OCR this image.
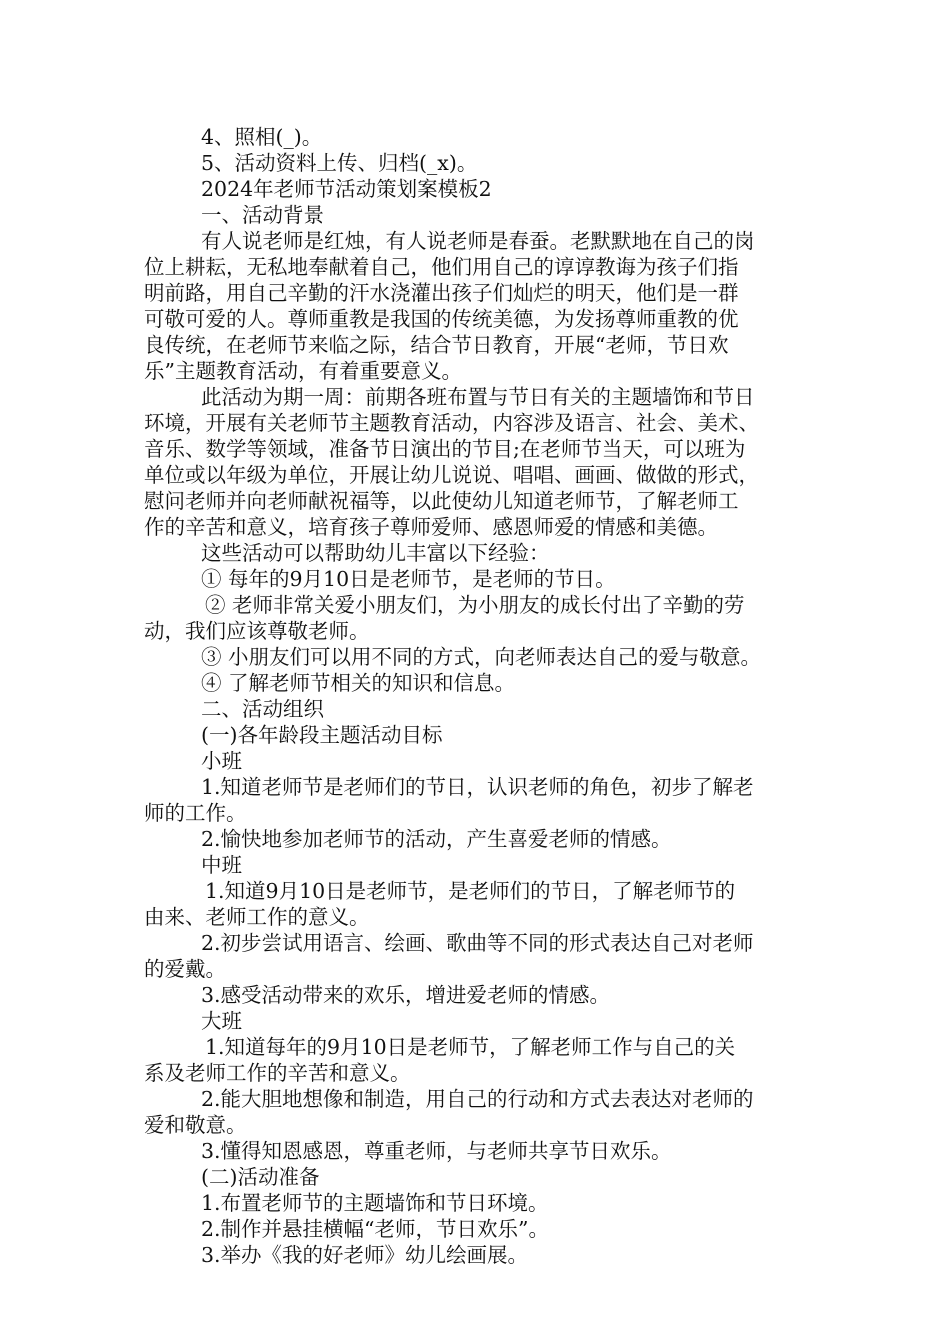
4、照相(_)。
5、活动资料上传、归档(_x)。
2024年老师节活动策划案模板2
一、活动背景
有人说老师是红烛，有人说老师是春蚕。老默默地在自己的岗
位上耕耘，无私地奉献着自己，他们用自己的谆谆教诲为孩子们指
明前路，用自己辛勤的汗水浇灌出孩子们灿烂的明天，他们是一群
可敬可爱的人。尊师重教是我国的传统美德，为发扬尊师重教的优
良传统，在老师节来临之际，结合节日教育，开展“老师，节日欢
乐”主题教育活动，有着重要意义。
此活动为期一周：前期各班布置与节日有关的主题墙饰和节日
环境，开展有关老师节主题教育活动，内容涉及语言、社会、美术、
音乐、数学等领域，准备节日演出的节目;在老师节当天，可以班为
单位或以年级为单位，开展让幼儿说说、唱唱、画画、做做的形式，
慰问老师并向老师献祝福等，以此使幼儿知道老师节，了解老师工
作的辛苦和意义，培育孩子尊师爱师、感恩师爱的情感和美德。
这些活动可以帮助幼儿丰富以下经验：
① 每年的9月10日是老师节，是老师的节日。
② 老师非常关爱小朋友们，为小朋友的成长付出了辛勤的劳
动，我们应该尊敬老师。
③ 小朋友们可以用不同的方式，向老师表达自己的爱与敬意。
④ 了解老师节相关的知识和信息。
二、活动组织
(一)各年龄段主题活动目标
小班
1.知道老师节是老师们的节日，认识老师的角色，初步了解老
师的工作。
2.愉快地参加老师节的活动，产生喜爱老师的情感。
中班
1.知道9月10日是老师节，是老师们的节日，了解老师节的
由来、老师工作的意义。
2.初步尝试用语言、绘画、歌曲等不同的形式表达自己对老师
的爱戴。
3.感受活动带来的欢乐，增进爱老师的情感。
大班
1.知道每年的9月10日是老师节，了解老师工作与自己的关
系及老师工作的辛苦和意义。
2.能大胆地想像和制造，用自己的行动和方式去表达对老师的
爱和敬意。
3.懂得知恩感恩，尊重老师，与老师共享节日欢乐。
(二)活动准备
1.布置老师节的主题墙饰和节日环境。
2.制作并悬挂横幅“老师，节日欢乐”。
3.举办《我的好老师》幼儿绘画展。
